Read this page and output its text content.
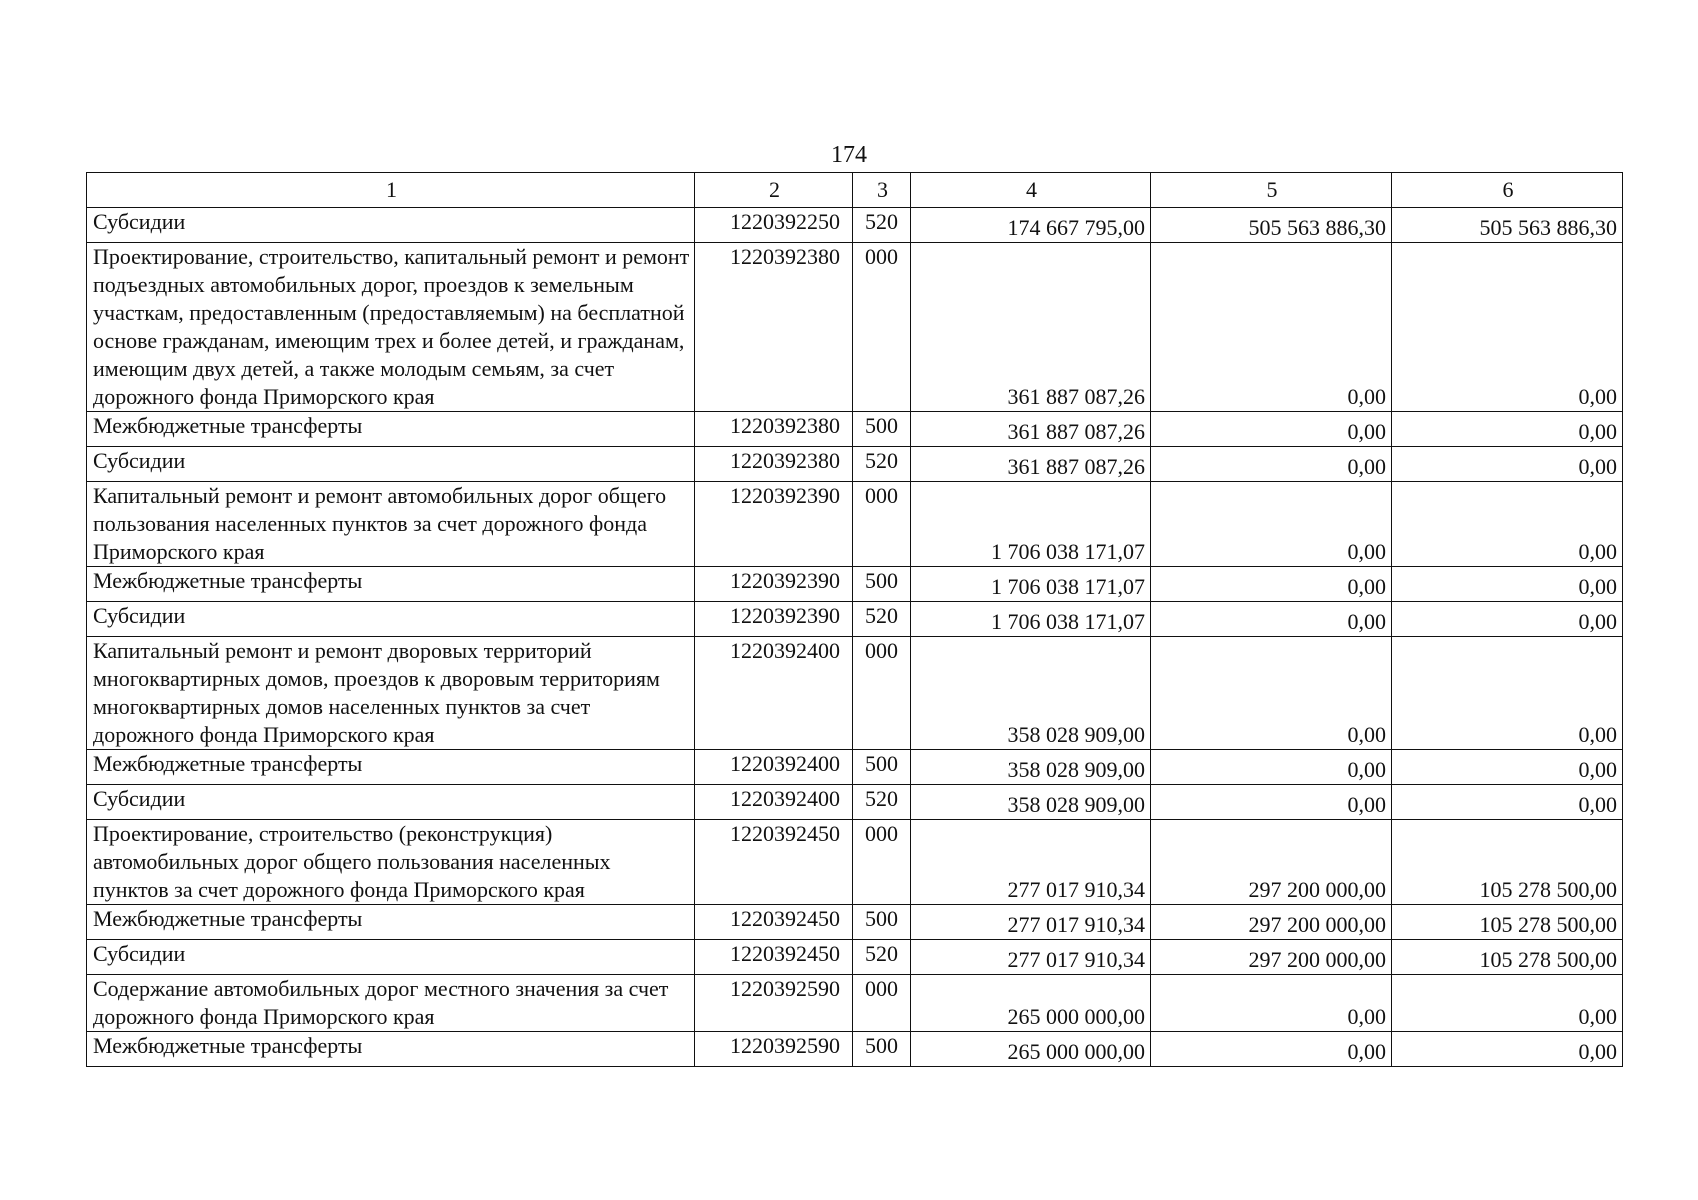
174
1	2	3	4	5	6
Субсидии	1220392250	520	174 667 795,00	505 563 886,30	505 563 886,30
Проектирование, строительство, капитальный ремонт и ремонт подъездных автомобильных дорог, проездов к земельным участкам, предоставленным (предоставляемым) на бесплатной основе гражданам, имеющим трех и более детей, и гражданам, имеющим двух детей, а также молодым семьям, за счет дорожного фонда Приморского края	1220392380	000	361 887 087,26	0,00	0,00
Межбюджетные трансферты	1220392380	500	361 887 087,26	0,00	0,00
Субсидии	1220392380	520	361 887 087,26	0,00	0,00
Капитальный ремонт и ремонт автомобильных дорог общего пользования населенных пунктов за счет дорожного фонда Приморского края	1220392390	000	1 706 038 171,07	0,00	0,00
Межбюджетные трансферты	1220392390	500	1 706 038 171,07	0,00	0,00
Субсидии	1220392390	520	1 706 038 171,07	0,00	0,00
Капитальный ремонт и ремонт дворовых территорий многоквартирных домов, проездов к дворовым территориям многоквартирных домов населенных пунктов за счет дорожного фонда Приморского края	1220392400	000	358 028 909,00	0,00	0,00
Межбюджетные трансферты	1220392400	500	358 028 909,00	0,00	0,00
Субсидии	1220392400	520	358 028 909,00	0,00	0,00
Проектирование, строительство (реконструкция) автомобильных дорог общего пользования населенных пунктов за счет дорожного фонда Приморского края	1220392450	000	277 017 910,34	297 200 000,00	105 278 500,00
Межбюджетные трансферты	1220392450	500	277 017 910,34	297 200 000,00	105 278 500,00
Субсидии	1220392450	520	277 017 910,34	297 200 000,00	105 278 500,00
Содержание автомобильных дорог местного значения за счет дорожного фонда Приморского края	1220392590	000	265 000 000,00	0,00	0,00
Межбюджетные трансферты	1220392590	500	265 000 000,00	0,00	0,00
